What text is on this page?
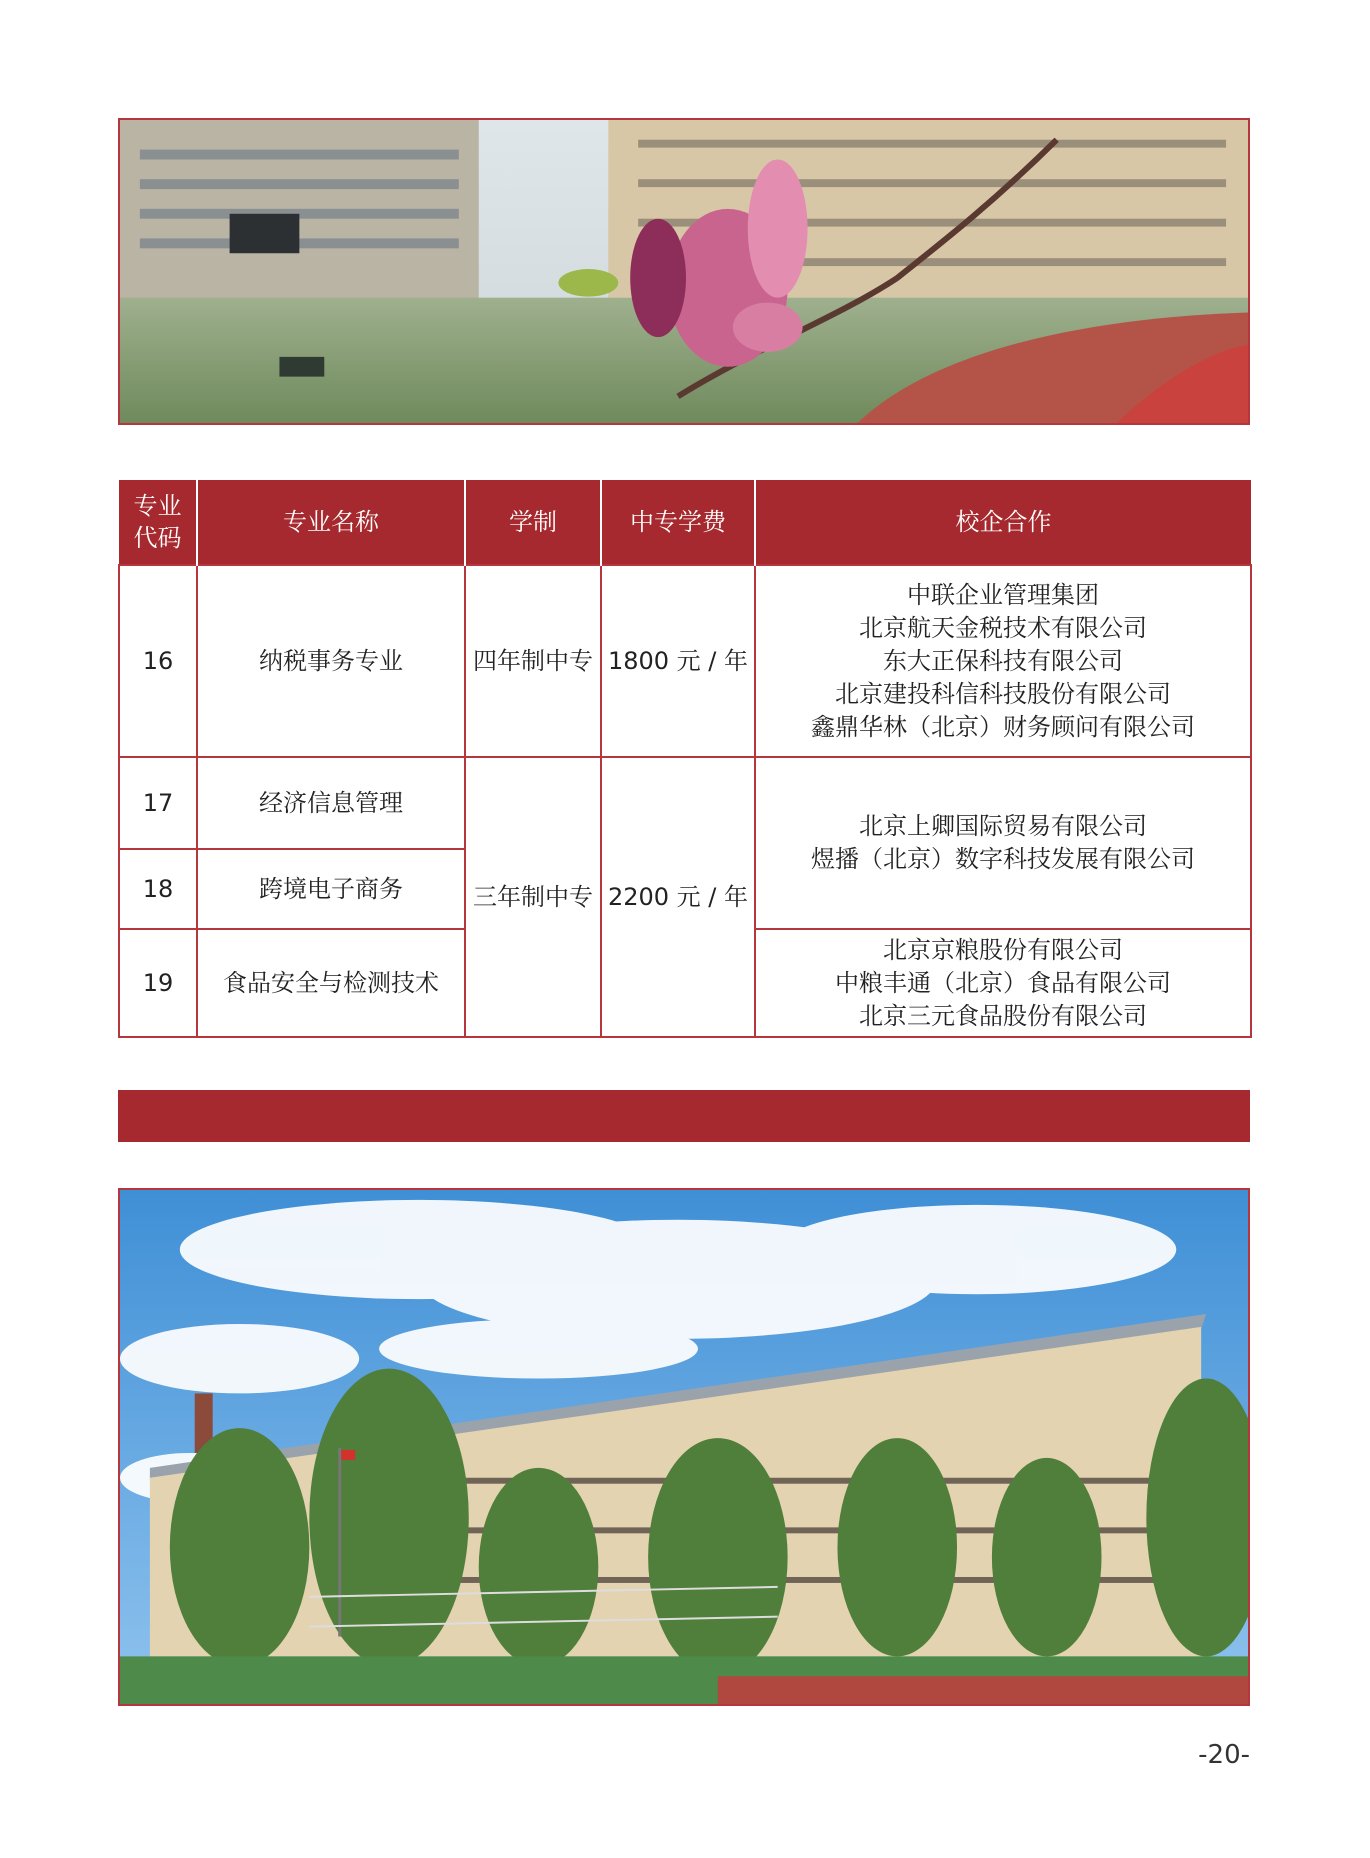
专业代码	专业名称	学制	中专学费	校企合作
16	纳税事务专业	四年制中专	1800 元 / 年	中联企业管理集团
北京航天金税技术有限公司
东大正保科技有限公司
北京建投科信科技股份有限公司
鑫鼎华林（北京）财务顾问有限公司

17	经济信息管理	三年制中专	2200 元 / 年	北京上卿国际贸易有限公司
煜播（北京）数字科技发展有限公司

18	跨境电子商务			
19	食品安全与检测技术			北京京粮股份有限公司
中粮丰通（北京）食品有限公司
北京三元食品股份有限公司
-20-
